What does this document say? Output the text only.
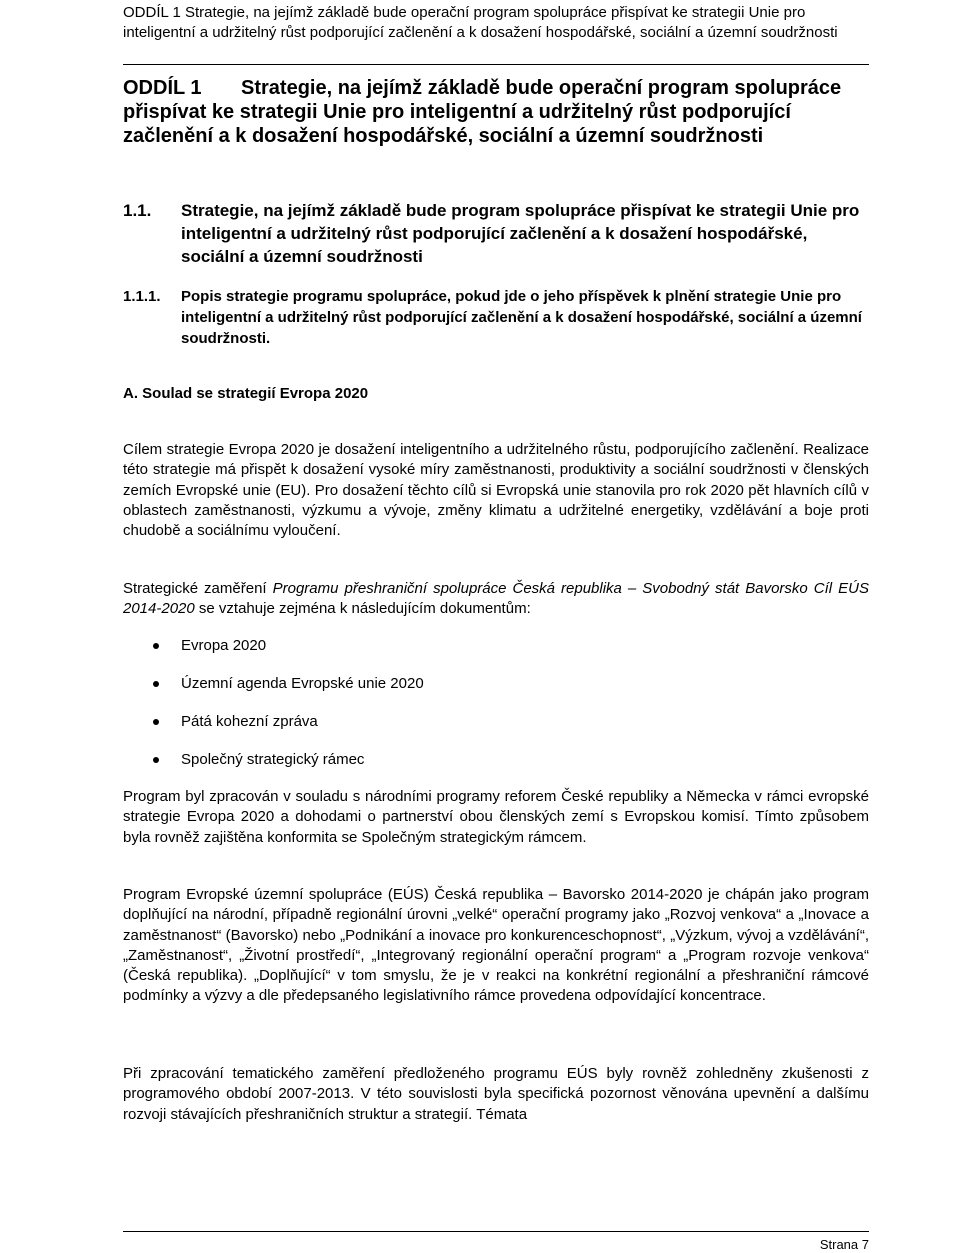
ODDÍL 1 Strategie, na jejímž základě bude operační program spolupráce přispívat ke strategii Unie pro inteligentní a udržitelný růst podporující začlenění a k dosažení hospodářské, sociální a územní soudržnosti

ODDÍL 1 Strategie, na jejímž základě bude operační program spolupráce přispívat ke strategii Unie pro inteligentní a udržitelný růst podporující začlenění a k dosažení hospodářské, sociální a územní soudržnosti
1.1. Strategie, na jejímž základě bude program spolupráce přispívat ke strategii Unie pro inteligentní a udržitelný růst podporující začlenění a k dosažení hospodářské, sociální a územní soudržnosti
1.1.1. Popis strategie programu spolupráce, pokud jde o jeho příspěvek k plnění strategie Unie pro inteligentní a udržitelný růst podporující začlenění a k dosažení hospodářské, sociální a územní soudržnosti.
A. Soulad se strategií Evropa 2020

Cílem strategie Evropa 2020 je dosažení inteligentního a udržitelného růstu, podporujícího začlenění. Realizace této strategie má přispět k dosažení vysoké míry zaměstnanosti, produktivity a sociální soudržnosti v členských zemích Evropské unie (EU). Pro dosažení těchto cílů si Evropská unie stanovila pro rok 2020 pět hlavních cílů v oblastech zaměstnanosti, výzkumu a vývoje, změny klimatu a udržitelné energetiky, vzdělávání a boje proti chudobě a sociálnímu vyloučení.

Strategické zaměření Programu přeshraniční spolupráce Česká republika – Svobodný stát Bavorsko Cíl EÚS 2014-2020 se vztahuje zejména k následujícím dokumentům:

Evropa 2020
Územní agenda Evropské unie 2020
Pátá kohezní zpráva
Společný strategický rámec

Program byl zpracován v souladu s národními programy reforem České republiky a Německa v rámci evropské strategie Evropa 2020 a dohodami o partnerství obou členských zemí s Evropskou komisí. Tímto způsobem byla rovněž zajištěna konformita se Společným strategickým rámcem.

Program Evropské územní spolupráce (EÚS) Česká republika – Bavorsko 2014-2020 je chápán jako program doplňující na národní, případně regionální úrovni „velké“ operační programy jako „Rozvoj venkova“ a „Inovace a zaměstnanost“ (Bavorsko) nebo „Podnikání a inovace pro konkurenceschopnost“, „Výzkum, vývoj a vzdělávání“, „Zaměstnanost“, „Životní prostředí“, „Integrovaný regionální operační program“ a „Program rozvoje venkova“ (Česká republika). „Doplňující“ v tom smyslu, že je v reakci na konkrétní regionální a přeshraniční rámcové podmínky a výzvy a dle předepsaného legislativního rámce provedena odpovídající koncentrace.

Při zpracování tematického zaměření předloženého programu EÚS byly rovněž zohledněny zkušenosti z programového období 2007-2013. V této souvislosti byla specifická pozornost věnována upevnění a dalšímu rozvoji stávajících přeshraničních struktur a strategií. Témata

Strana 7
